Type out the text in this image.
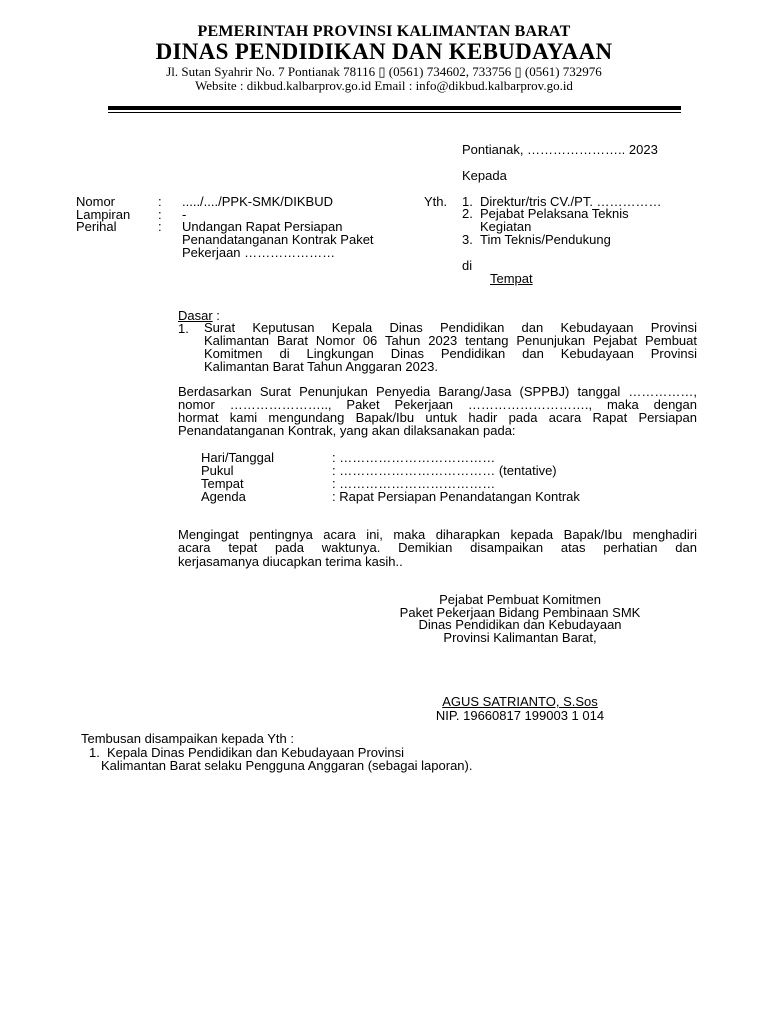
PEMERINTAH PROVINSI KALIMANTAN BARAT
DINAS PENDIDIKAN DAN KEBUDAYAAN
Jl. Sutan Syahrir No. 7 Pontianak 78116 ▯ (0561) 734602, 733756 ▯ (0561) 732976
Website : dikbud.kalbarprov.go.id Email : info@dikbud.kalbarprov.go.id
Pontianak, ………………….. 2023
Kepada
Nomor	: ...../..../PPK-SMK/DIKBUD
Lampiran : -
Perihal	: Undangan Rapat Persiapan
Penandatanganan Kontrak Paket
Pekerjaan …………………
Yth. 1. Direktur/tris CV./PT. ……………
2. Pejabat Pelaksana Teknis
Kegiatan
3. Tim Teknis/Pendukung
di
Tempat
Dasar :
1. Surat Keputusan Kepala Dinas Pendidikan dan Kebudayaan Provinsi
Kalimantan Barat Nomor 06 Tahun 2023 tentang Penunjukan Pejabat Pembuat
Komitmen di Lingkungan Dinas Pendidikan dan Kebudayaan Provinsi
Kalimantan Barat Tahun Anggaran 2023.
Berdasarkan Surat Penunjukan Penyedia Barang/Jasa (SPPBJ) tanggal ……………,
nomor ………………….., Paket Pekerjaan ………………………., maka dengan
hormat kami mengundang Bapak/Ibu untuk hadir pada acara Rapat Persiapan
Penandatanganan Kontrak, yang akan dilaksanakan pada:
Hari/Tanggal	: ………………………………
Pukul	: ……………………………… (tentative)
Tempat	: ………………………………
Agenda	: Rapat Persiapan Penandatangan Kontrak
Mengingat pentingnya acara ini, maka diharapkan kepada Bapak/Ibu menghadiri
acara tepat pada waktunya. Demikian disampaikan atas perhatian dan
kerjasamanya diucapkan terima kasih..
Pejabat Pembuat Komitmen
Paket Pekerjaan Bidang Pembinaan SMK
Dinas Pendidikan dan Kebudayaan
Provinsi Kalimantan Barat,
AGUS SATRIANTO, S.Sos
NIP. 19660817 199003 1 014
Tembusan disampaikan kepada Yth :
1. Kepala Dinas Pendidikan dan Kebudayaan Provinsi
Kalimantan Barat selaku Pengguna Anggaran (sebagai laporan).
